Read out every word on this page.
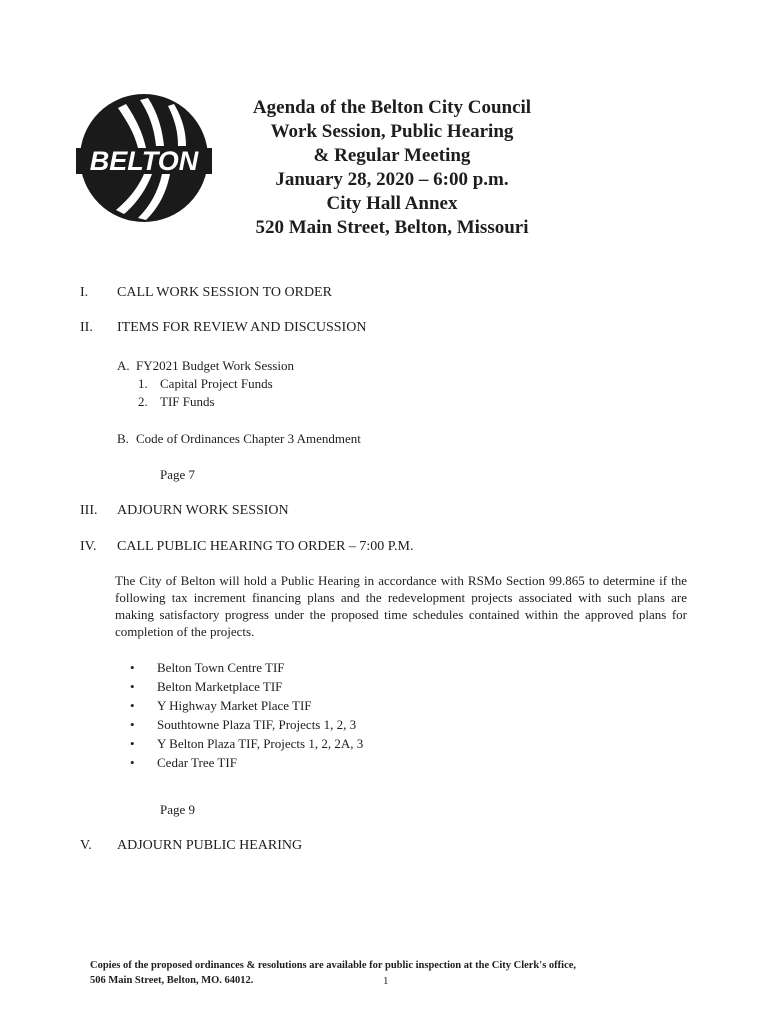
BELTON
Agenda of the Belton City Council
Work Session, Public Hearing
& Regular Meeting
January 28, 2020 – 6:00 p.m.
City Hall Annex
520 Main Street, Belton, Missouri
I. CALL WORK SESSION TO ORDER
II. ITEMS FOR REVIEW AND DISCUSSION
A. FY2021 Budget Work Session
1. Capital Project Funds
2. TIF Funds
B. Code of Ordinances Chapter 3 Amendment
Page 7
III. ADJOURN WORK SESSION
IV. CALL PUBLIC HEARING TO ORDER – 7:00 P.M.
The City of Belton will hold a Public Hearing in accordance with RSMo Section 99.865 to determine if the following tax increment financing plans and the redevelopment projects associated with such plans are making satisfactory progress under the proposed time schedules contained within the approved plans for completion of the projects.
• Belton Town Centre TIF
• Belton Marketplace TIF
• Y Highway Market Place TIF
• Southtowne Plaza TIF, Projects 1, 2, 3
• Y Belton Plaza TIF, Projects 1, 2, 2A, 3
• Cedar Tree TIF
Page 9
V. ADJOURN PUBLIC HEARING
Copies of the proposed ordinances & resolutions are available for public inspection at the City Clerk's office,
506 Main Street, Belton, MO. 64012.	1
